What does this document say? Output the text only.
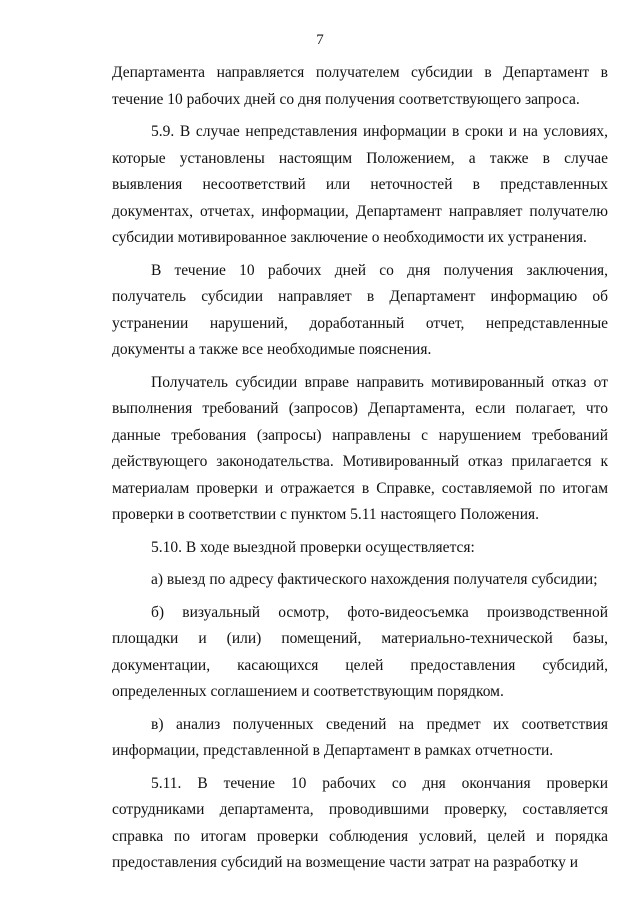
7

Департамента направляется получателем субсидии в Департамент в течение 10 рабочих дней со дня получения соответствующего запроса.

5.9. В случае непредставления информации в сроки и на условиях, которые установлены настоящим Положением, а также в случае выявления несоответствий или неточностей в представленных документах, отчетах, информации, Департамент направляет получателю субсидии мотивированное заключение о необходимости их устранения.

В течение 10 рабочих дней со дня получения заключения, получатель субсидии направляет в Департамент информацию об устранении нарушений, доработанный отчет, непредставленные документы а также все необходимые пояснения.

Получатель субсидии вправе направить мотивированный отказ от выполнения требований (запросов) Департамента, если полагает, что данные требования (запросы) направлены с нарушением требований действующего законодательства. Мотивированный отказ прилагается к материалам проверки и отражается в Справке, составляемой по итогам проверки в соответствии с пунктом 5.11 настоящего Положения.

5.10. В ходе выездной проверки осуществляется:

а) выезд по адресу фактического нахождения получателя субсидии;

б) визуальный осмотр, фото-видеосъемка производственной площадки и (или) помещений, материально-технической базы, документации, касающихся целей предоставления субсидий, определенных соглашением и соответствующим порядком.

в) анализ полученных сведений на предмет их соответствия информации, представленной в Департамент в рамках отчетности.

5.11. В течение 10 рабочих со дня окончания проверки сотрудниками департамента, проводившими проверку, составляется справка по итогам проверки соблюдения условий, целей и порядка предоставления субсидий на возмещение части затрат на разработку и
